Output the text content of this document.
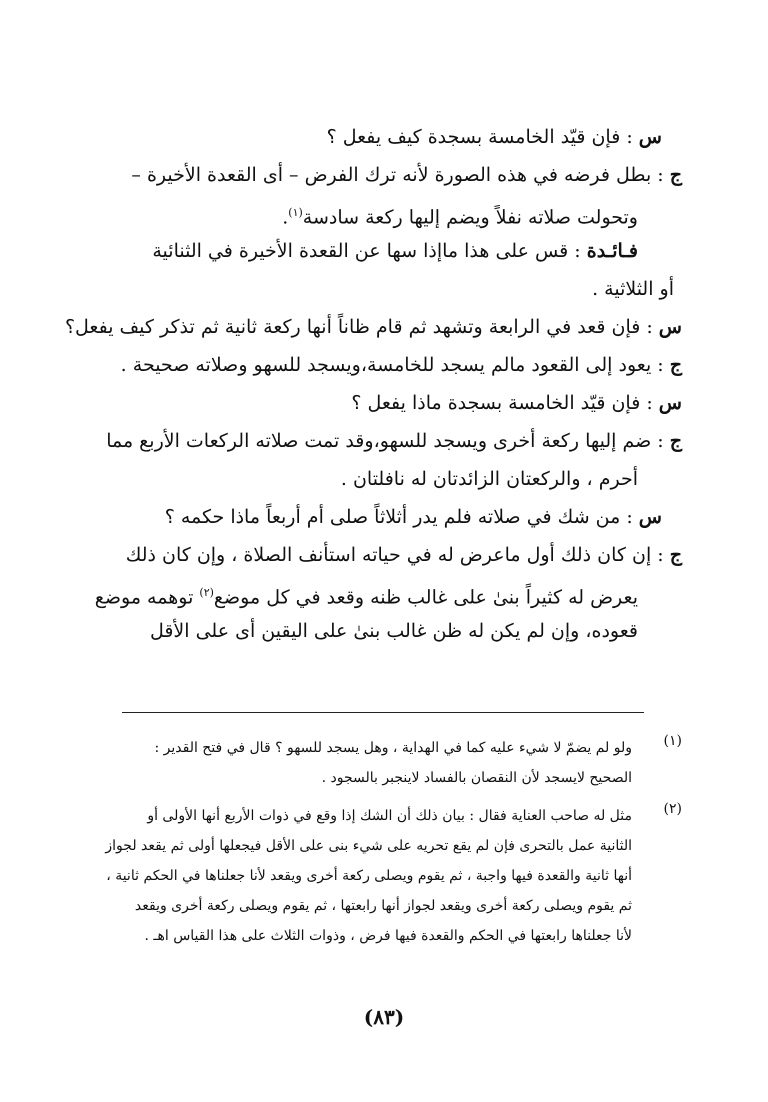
س : فإن قيّد الخامسة بسجدة كيف يفعل ؟
ج : بطل فرضه في هذه الصورة لأنه ترك الفرض – أى القعدة الأخيرة –
وتحولت صلاته نفلاً ويضم إليها ركعة سادسة$^{(١)}$.
فـائـدة : قس على هذا ماإذا سها عن القعدة الأخيرة في الثنائية
أو الثلاثية .
س : فإن قعد في الرابعة وتشهد ثم قام ظاناً أنها ركعة ثانية ثم تذكر كيف يفعل؟
ج : يعود إلى القعود مالم يسجد للخامسة،ويسجد للسهو وصلاته صحيحة .
س : فإن قيّد الخامسة بسجدة ماذا يفعل ؟
ج : ضم إليها ركعة أخرى ويسجد للسهو،وقد تمت صلاته الركعات الأربع مما
أحرم ، والركعتان الزائدتان له نافلتان .
س : من شك في صلاته فلم يدر أثلاثاً صلى أم أربعاً ماذا حكمه ؟
ج : إن كان ذلك أول ماعرض له في حياته استأنف الصلاة ، وإن كان ذلك
يعرض له كثيراً بنىٰ على غالب ظنه وقعد في كل موضع$^{(٢)}$ توهمه موضع
قعوده، وإن لم يكن له ظن غالب بنىٰ على اليقين أى على الأقل
(١)
ولو لم يضمّ لا شيء عليه كما في الهداية ، وهل يسجد للسهو ؟ قال في فتح القدير :
الصحيح لايسجد لأن النقصان بالفساد لاينجبر بالسجود .
(٢)
مثل له صاحب العناية فقال : بيان ذلك أن الشك إذا وقع في ذوات الأربع أنها الأولى أو
الثانية عمل بالتحرى فإن لم يقع تحريه على شيء بنى على الأقل فيجعلها أولى ثم يقعد لجواز
أنها ثانية والقعدة فيها واجبة ، ثم يقوم ويصلى ركعة أخرى ويقعد لأنا جعلناها في الحكم ثانية ،
ثم يقوم ويصلى ركعة أخرى ويقعد لجواز أنها رابعتها ، ثم يقوم ويصلى ركعة أخرى ويقعد
لأنا جعلناها رابعتها في الحكم والقعدة فيها فرض ، وذوات الثلاث على هذا القياس اهـ .
(٨٣)
